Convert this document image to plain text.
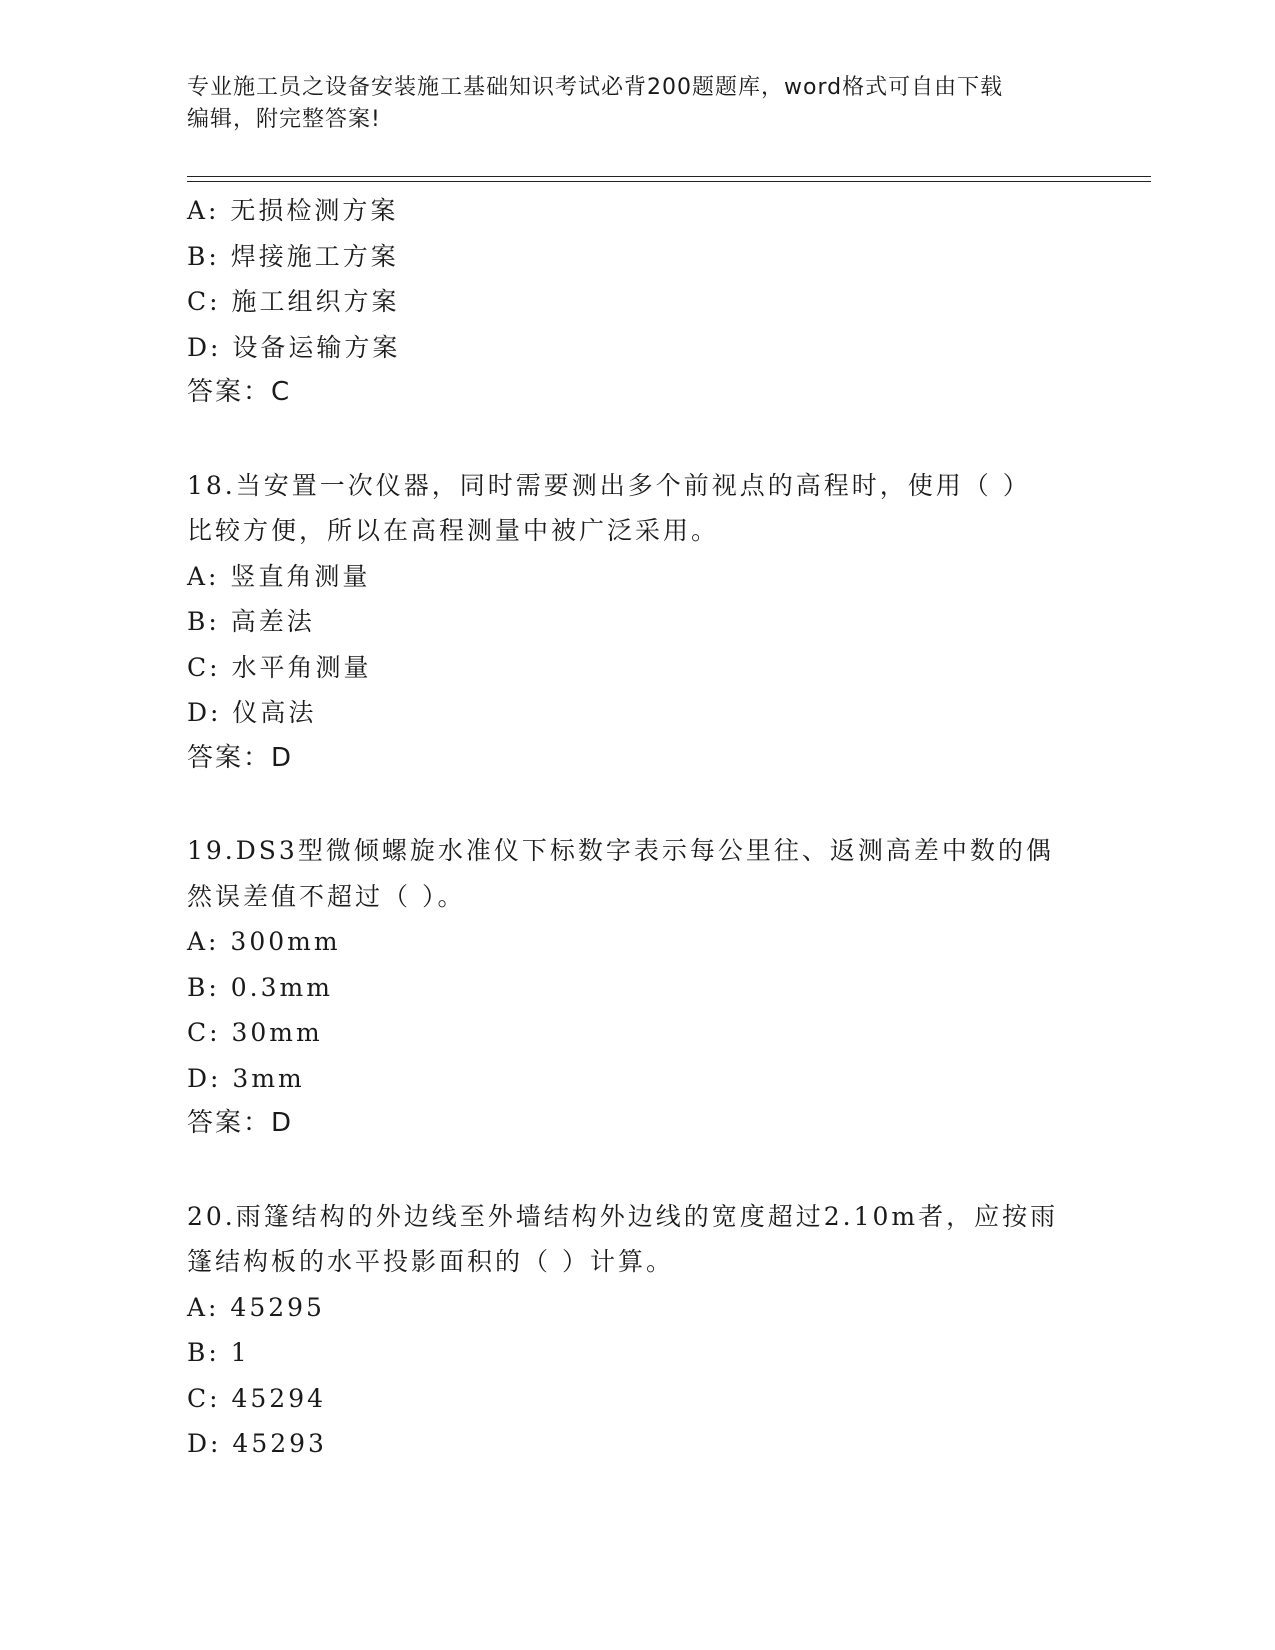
专业施工员之设备安装施工基础知识考试必背200题题库，word格式可自由下载
编辑，附完整答案!
A: 无损检测方案
B: 焊接施工方案
C: 施工组织方案
D: 设备运输方案
答案：C
18.当安置一次仪器，同时需要测出多个前视点的高程时，使用（ ）
比较方便，所以在高程测量中被广泛采用。
A: 竖直角测量
B: 高差法
C: 水平角测量
D: 仪高法
答案：D
19.DS3型微倾螺旋水准仪下标数字表示每公里往、返测高差中数的偶
然误差值不超过（ ）。
A: 300mm
B: 0.3mm
C: 30mm
D: 3mm
答案：D
20.雨篷结构的外边线至外墙结构外边线的宽度超过2.10m者，应按雨
篷结构板的水平投影面积的（ ）计算。
A: 45295
B: 1
C: 45294
D: 45293
